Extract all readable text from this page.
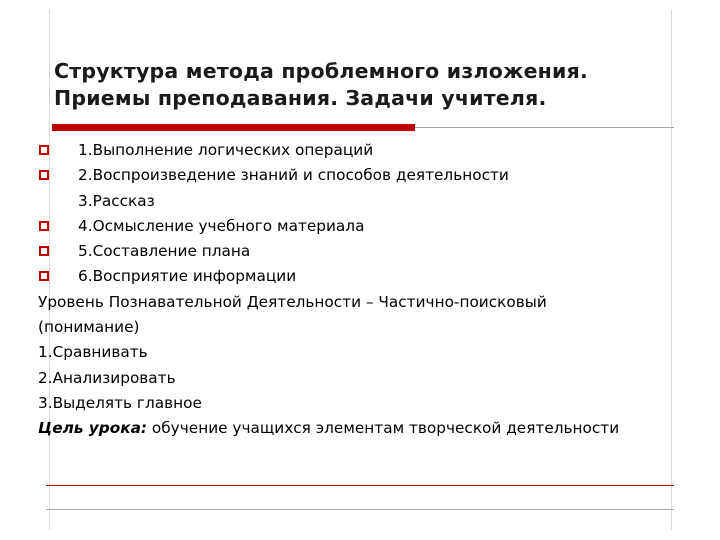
Структура метода проблемного изложения.
Приемы преподавания. Задачи учителя.
1.Выполнение логических операций
2.Воспроизведение знаний и способов деятельности
3.Рассказ
4.Осмысление учебного материала
5.Составление плана
6.Восприятие информации
Уровень Познавательной Деятельности – Частично-поисковый (понимание)
1.Сравнивать
2.Анализировать
3.Выделять главное
Цель урока: обучение учащихся элементам творческой деятельности
